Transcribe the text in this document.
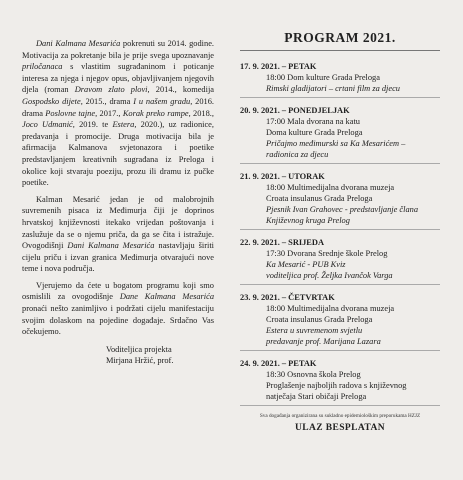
Dani Kalmana Mesarića pokrenuti su 2014. godine. Motivacija za pokretanje bila je prije svega upoznavanje priločanaca s vlastitim sugrađaninom i poticanje interesa za njega i njegov opus, objavljivanjem njegovih djela (roman Dravom zlato plovi, 2014., komedija Gospodsko dijete, 2015., drama I u našem gradu, 2016. drama Poslovne tajne, 2017., Korak preko rampe, 2018., Joco Udmanić, 2019. te Estera, 2020.), uz radionice, predavanja i promocije. Druga motivacija bila je afirmacija Kalmanova svjetonazora i poetike predstavljanjem kreativnih sugrađana iz Preloga i okolice koji stvaraju poeziju, prozu ili dramu iz pučke poetike.

Kalman Mesarić jedan je od malobrojnih suvremenih pisaca iz Međimurja čiji je doprinos hrvatskoj književnosti itekako vrijedan poštovanja i zaslužuje da se o njemu priča, da ga se čita i istražuje. Ovogodišnji Dani Kalmana Mesarića nastavljaju širiti cijelu priču i izvan granica Međimurja otvarajući nove teme i nova područja.

Vjerujemo da ćete u bogatom programu koji smo osmislili za ovogodišnje Dane Kalmana Mesarića pronaći nešto zanimljivo i podržati cijelu manifestaciju svojim dolaskom na pojedine događaje. Srdačno Vas očekujemo.

Voditeljica projekta
Mirjana Hržić, prof.
PROGRAM 2021.
17. 9. 2021. – PETAK
18:00 Dom kulture Grada Preloga
Rimski gladijatori – crtani film za djecu
20. 9. 2021. – PONEDJELJAK
17:00 Mala dvorana na katu
Doma kulture Grada Preloga
Pričajmo međimurski sa Ka Mesarićem –
radionica za djecu
21. 9. 2021. – UTORAK
18:00 Multimedijalna dvorana muzeja
Croata insulanus Grada Preloga
Pjesnik Ivan Grahovec - predstavljanje člana
Književnog kruga Prelog
22. 9. 2021. – SRIJEDA
17:30 Dvorana Srednje škole Prelog
Ka Mesarić - PUB Kviz
voditeljica prof. Željka Ivančok Varga
23. 9. 2021. – ČETVRTAK
18:00 Multimedijalna dvorana muzeja
Croata insulanus Grada Preloga
Estera u suvremenom svjetlu
predavanje prof. Marijana Lazara
24. 9. 2021. – PETAK
18:30 Osnovna škola Prelog
Proglašenje najboljih radova s književnog
natječaja Stari običaji Preloga
Sva događanja organizirana su sukladno epidemiološkim preporukama HZJZ
ULAZ BESPLATAN
